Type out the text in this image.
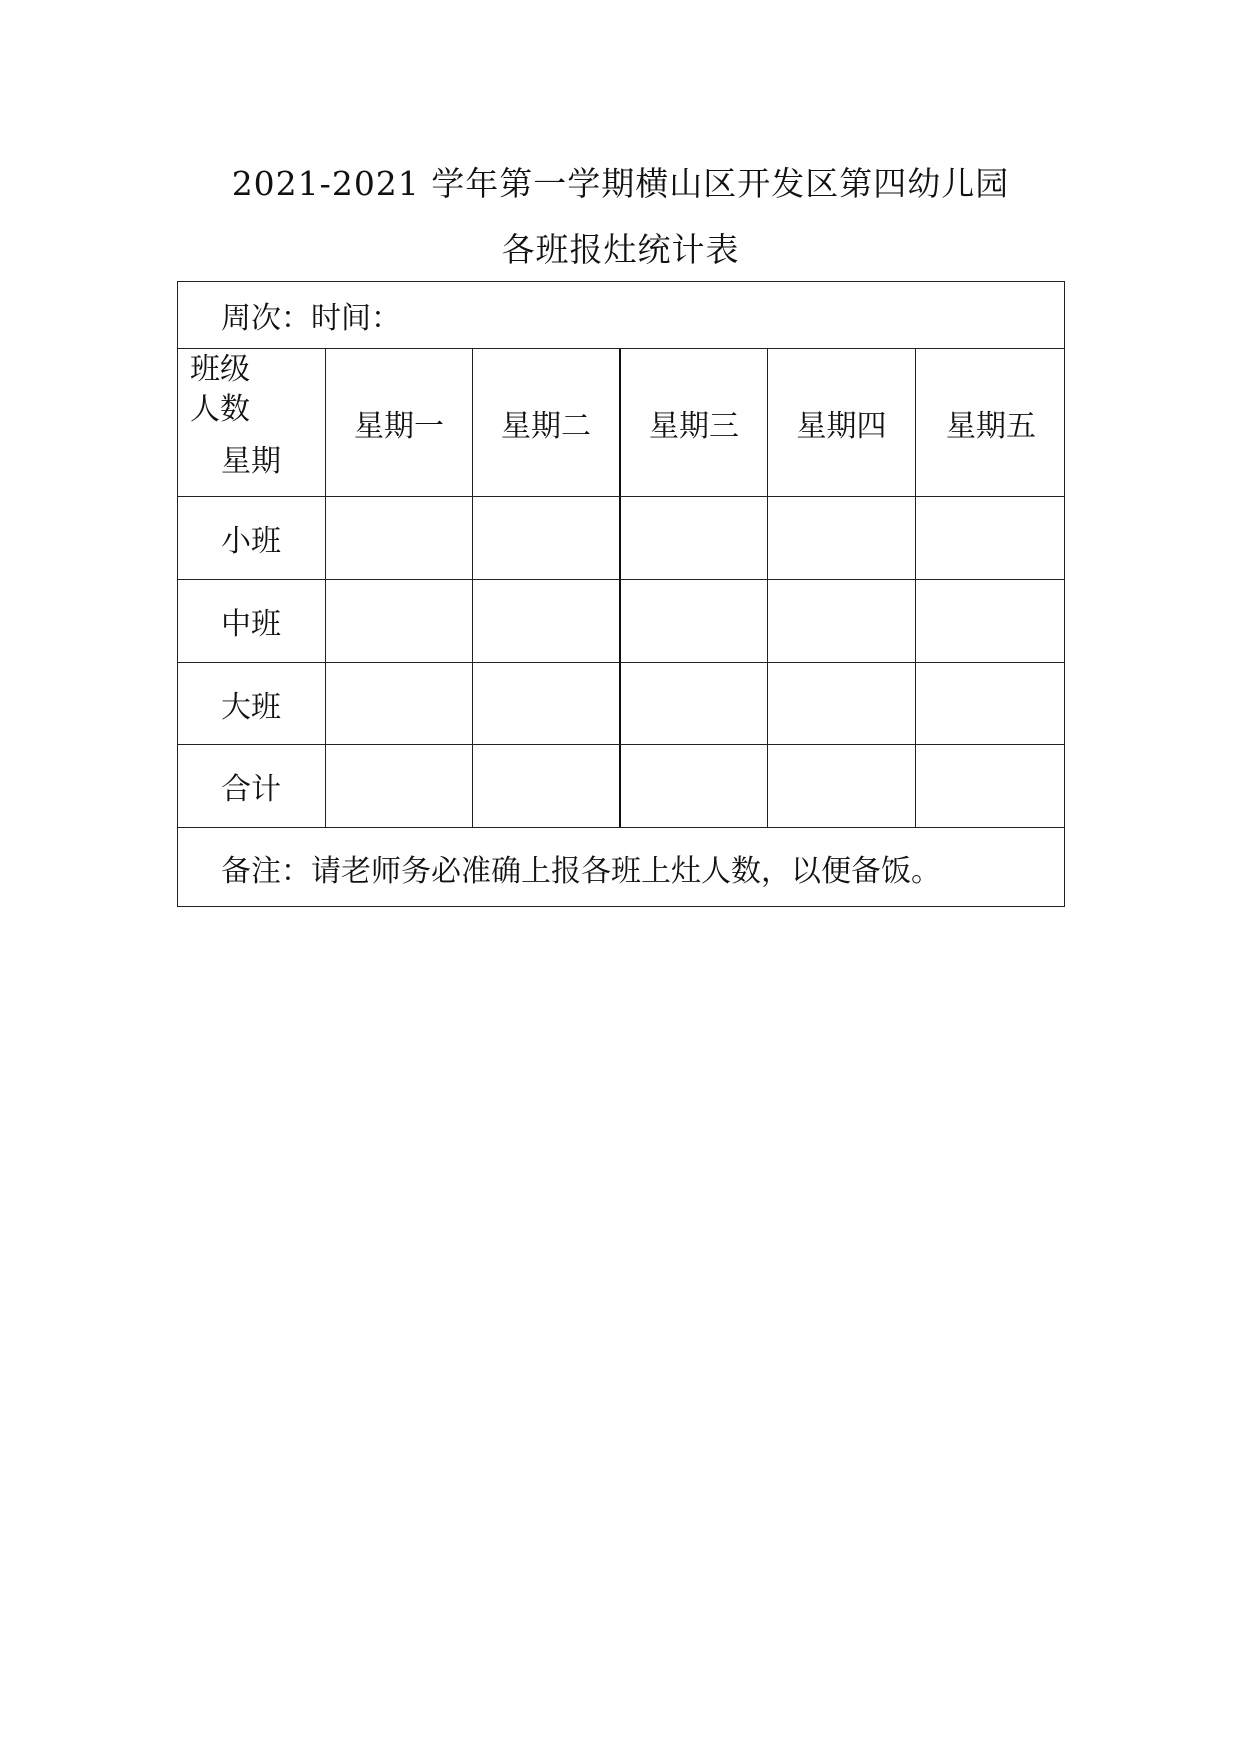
2021-2021 学年第一学期横山区开发区第四幼儿园
各班报灶统计表
周次： 时间：
班级
人数
星期
星期一	星期二	星期三	星期四	星期五
小班
中班
大班
合计
备注：请老师务必准确上报各班上灶人数，以便备饭。
